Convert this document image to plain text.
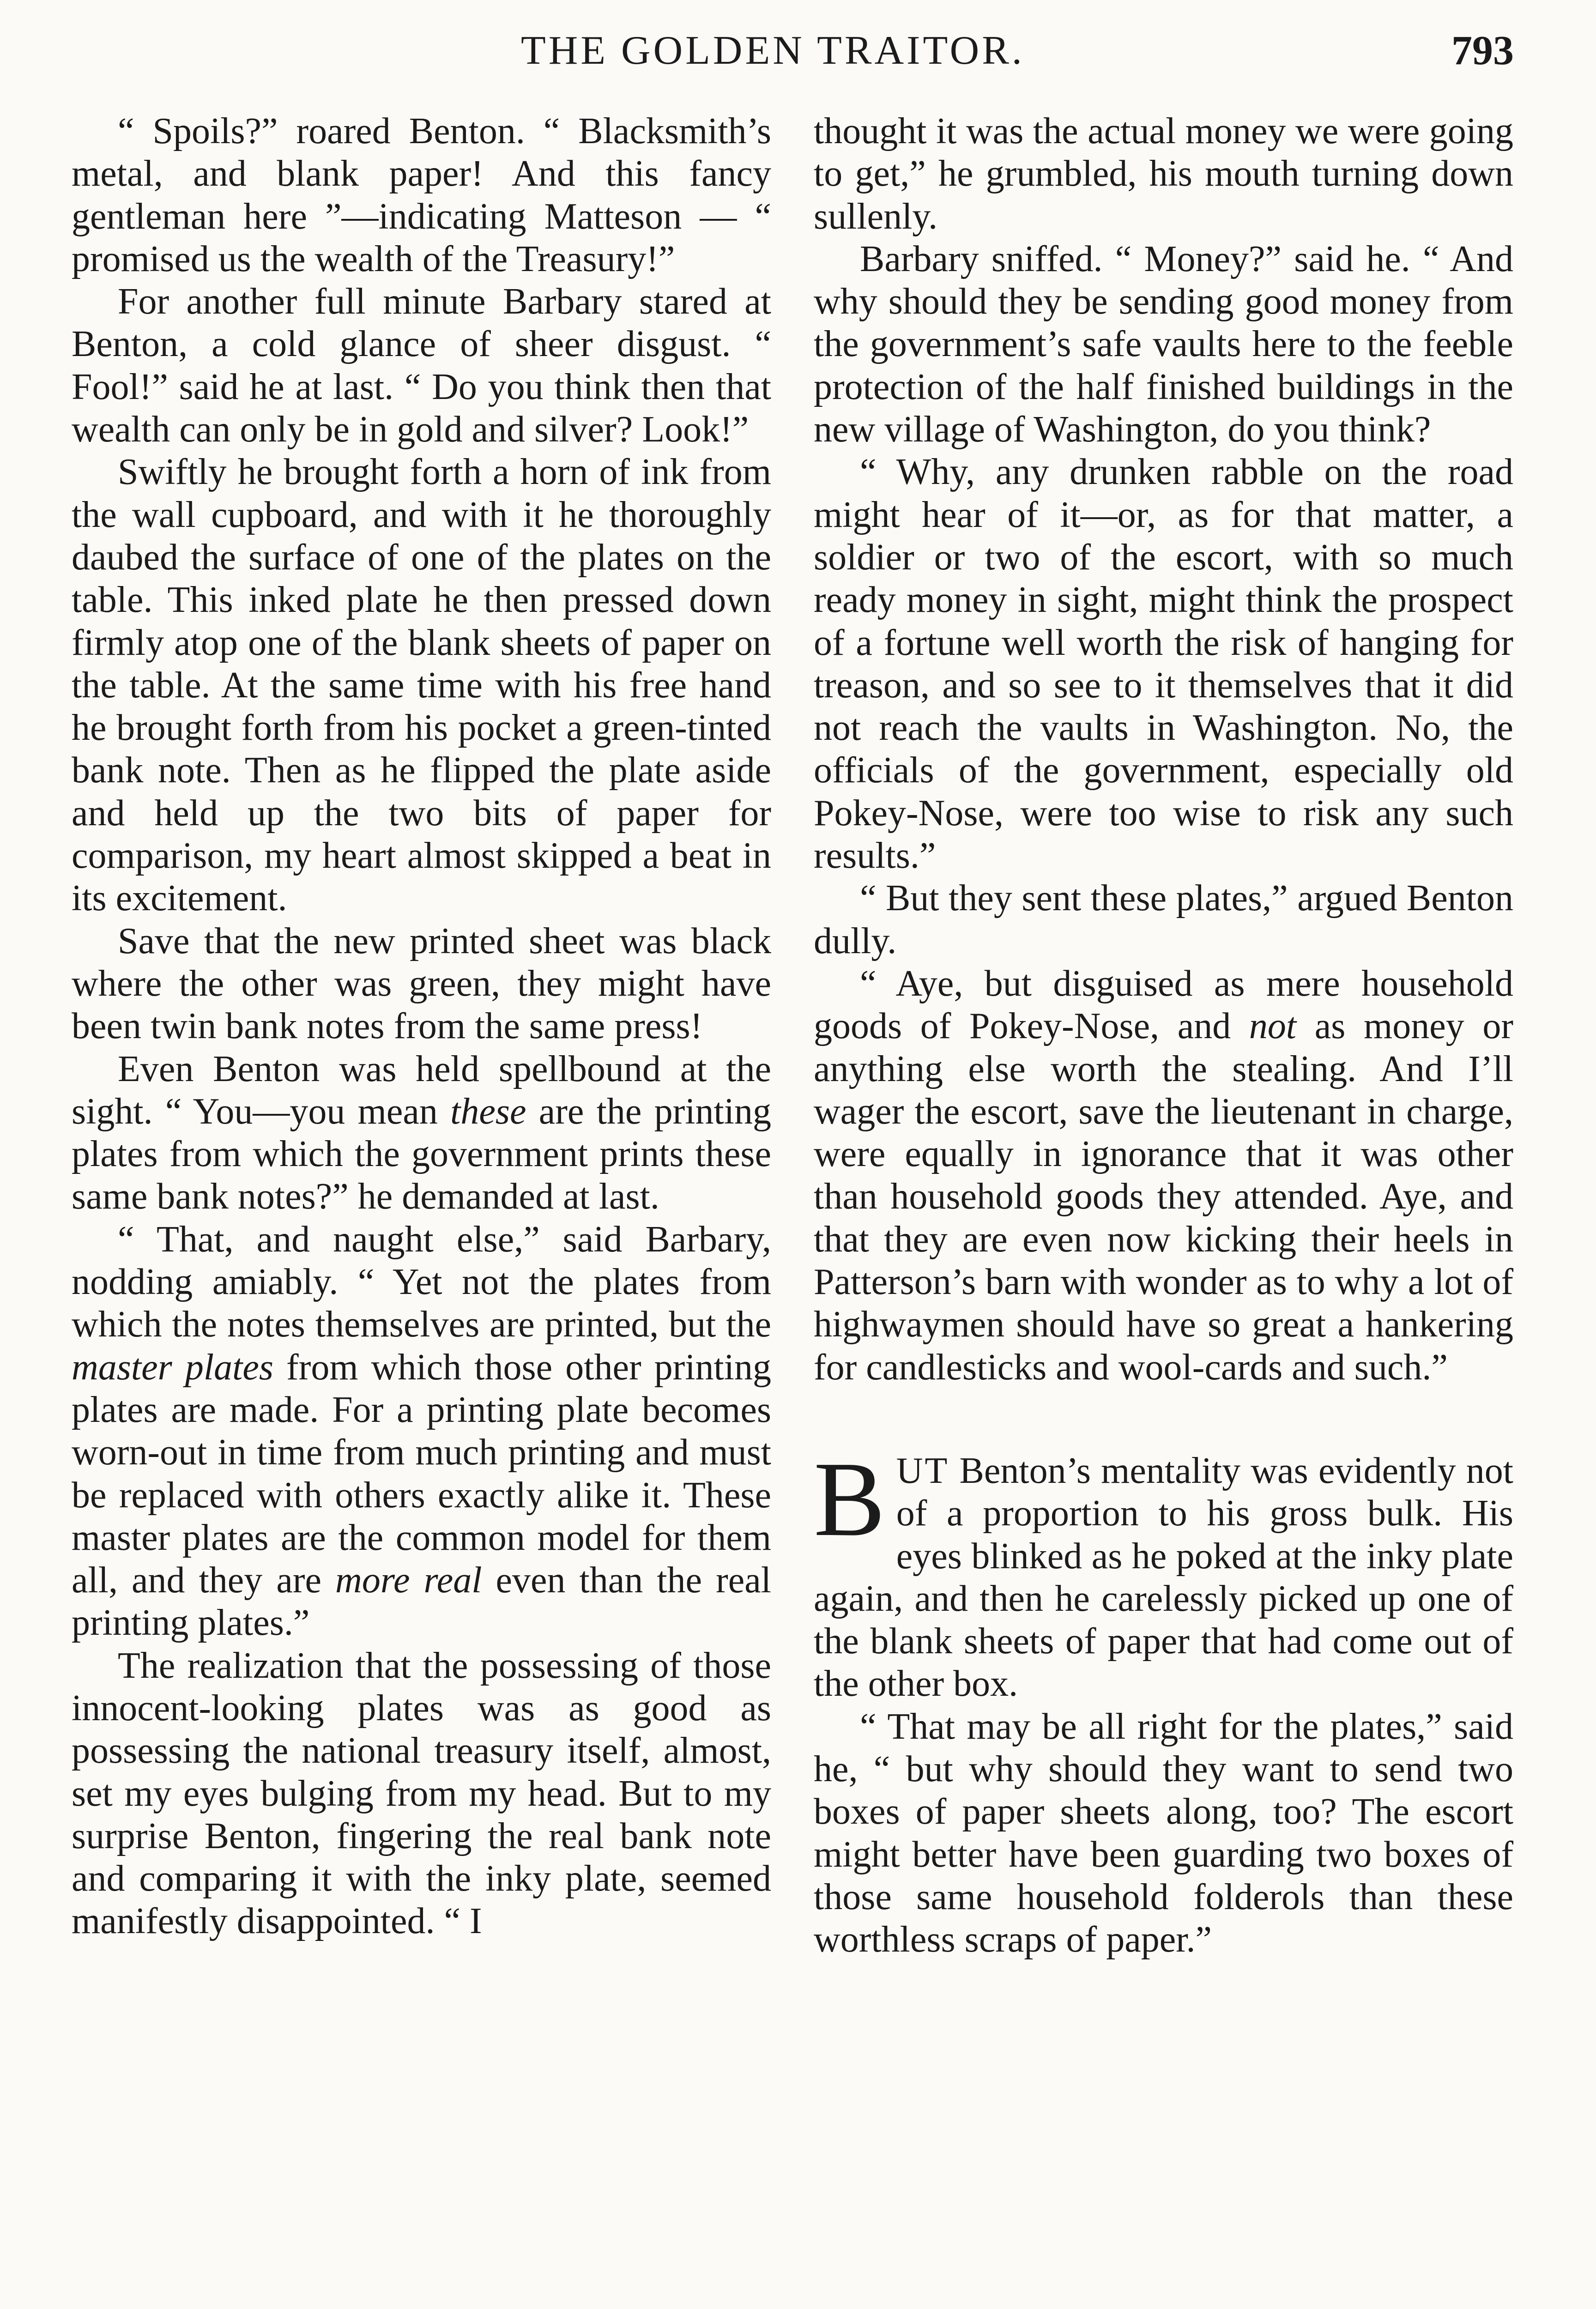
THE GOLDEN TRAITOR.	793

“ Spoils?” roared Benton. “ Blacksmith’s metal, and blank paper! And this fancy gentleman here ”—indicating Matteson — “ promised us the wealth of the Treasury!”

For another full minute Barbary stared at Benton, a cold glance of sheer disgust. “ Fool!” said he at last. “ Do you think then that wealth can only be in gold and silver? Look!”

Swiftly he brought forth a horn of ink from the wall cupboard, and with it he thoroughly daubed the surface of one of the plates on the table. This inked plate he then pressed down firmly atop one of the blank sheets of paper on the table. At the same time with his free hand he brought forth from his pocket a green-tinted bank note. Then as he flipped the plate aside and held up the two bits of paper for comparison, my heart almost skipped a beat in its excitement.

Save that the new printed sheet was black where the other was green, they might have been twin bank notes from the same press!

Even Benton was held spellbound at the sight. “ You—you mean these are the printing plates from which the government prints these same bank notes?” he demanded at last.

“ That, and naught else,” said Barbary, nodding amiably. “ Yet not the plates from which the notes themselves are printed, but the master plates from which those other printing plates are made. For a printing plate becomes worn-out in time from much printing and must be replaced with others exactly alike it. These master plates are the common model for them all, and they are more real even than the real printing plates.”

The realization that the possessing of those innocent-looking plates was as good as possessing the national treasury itself, almost, set my eyes bulging from my head. But to my surprise Benton, fingering the real bank note and comparing it with the inky plate, seemed manifestly disappointed. “ I

thought it was the actual money we were going to get,” he grumbled, his mouth turning down sullenly.

Barbary sniffed. “ Money?” said he. “ And why should they be sending good money from the government’s safe vaults here to the feeble protection of the half finished buildings in the new village of Washington, do you think?

“ Why, any drunken rabble on the road might hear of it—or, as for that matter, a soldier or two of the escort, with so much ready money in sight, might think the prospect of a fortune well worth the risk of hanging for treason, and so see to it themselves that it did not reach the vaults in Washington. No, the officials of the government, especially old Pokey-Nose, were too wise to risk any such results.”

“ But they sent these plates,” argued Benton dully.

“ Aye, but disguised as mere household goods of Pokey-Nose, and not as money or anything else worth the stealing. And I’ll wager the escort, save the lieutenant in charge, were equally in ignorance that it was other than household goods they attended. Aye, and that they are even now kicking their heels in Patterson’s barn with wonder as to why a lot of highwaymen should have so great a hankering for candlesticks and wool-cards and such.”

BUT Benton’s mentality was evidently not of a proportion to his gross bulk. His eyes blinked as he poked at the inky plate again, and then he carelessly picked up one of the blank sheets of paper that had come out of the other box.

“ That may be all right for the plates,” said he, “ but why should they want to send two boxes of paper sheets along, too? The escort might better have been guarding two boxes of those same household folderols than these worthless scraps of paper.”
